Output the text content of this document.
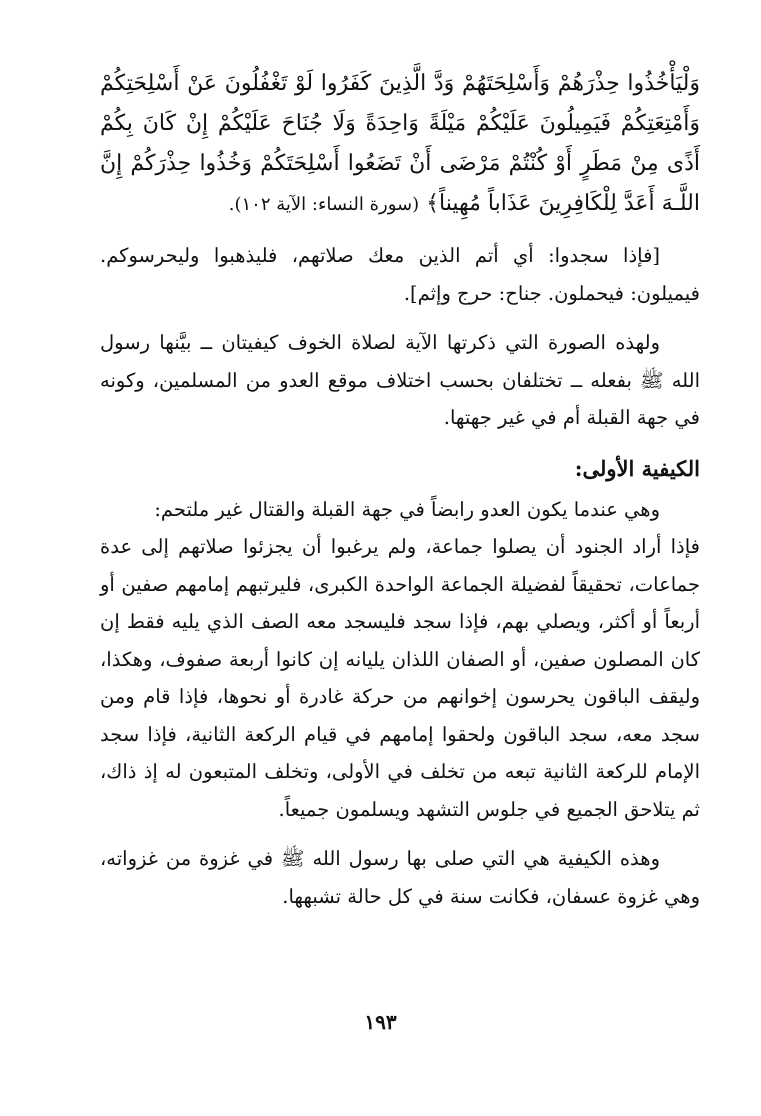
وَلْيَأْخُذُوا حِذْرَهُمْ وَأَسْلِحَتَهُمْ وَدَّ الَّذِينَ كَفَرُوا لَوْ تَغْفُلُونَ عَنْ أَسْلِحَتِكُمْ وَأَمْتِعَتِكُمْ فَيَمِيلُونَ عَلَيْكُمْ مَيْلَةً وَاحِدَةً وَلَا جُنَاحَ عَلَيْكُمْ إِنْ كَانَ بِكُمْ أَذًى مِنْ مَطَرٍ أَوْ كُنْتُمْ مَرْضَى أَنْ تَضَعُوا أَسْلِحَتَكُمْ وَخُذُوا حِذْرَكُمْ إِنَّ اللَّـهَ أَعَدَّ لِلْكَافِرِينَ عَذَاباً مُهِيناً﴾ (سورة النساء: الآية ١٠٢).

[فإذا سجدوا: أي أتم الذين معك صلاتهم، فليذهبوا وليحرسوكم. فيميلون: فيحملون. جناح: حرج وإثم].

ولهذه الصورة التي ذكرتها الآية لصلاة الخوف كيفيتان ــ بيَّنها رسول الله ﷺ بفعله ــ تختلفان بحسب اختلاف موقع العدو من المسلمين، وكونه في جهة القبلة أم في غير جهتها.

الكيفية الأولى:

وهي عندما يكون العدو رابضاً في جهة القبلة والقتال غير ملتحم:

فإذا أراد الجنود أن يصلوا جماعة، ولم يرغبوا أن يجزئوا صلاتهم إلى عدة جماعات، تحقيقاً لفضيلة الجماعة الواحدة الكبرى، فليرتبهم إمامهم صفين أو أربعاً أو أكثر، ويصلي بهم، فإذا سجد فليسجد معه الصف الذي يليه فقط إن كان المصلون صفين، أو الصفان اللذان يليانه إن كانوا أربعة صفوف، وهكذا، وليقف الباقون يحرسون إخوانهم من حركة غادرة أو نحوها، فإذا قام ومن سجد معه، سجد الباقون ولحقوا إمامهم في قيام الركعة الثانية، فإذا سجد الإمام للركعة الثانية تبعه من تخلف في الأولى، وتخلف المتبعون له إذ ذاك، ثم يتلاحق الجميع في جلوس التشهد ويسلمون جميعاً.

وهذه الكيفية هي التي صلى بها رسول الله ﷺ في غزوة من غزواته، وهي غزوة عسفان، فكانت سنة في كل حالة تشبهها.

١٩٣
